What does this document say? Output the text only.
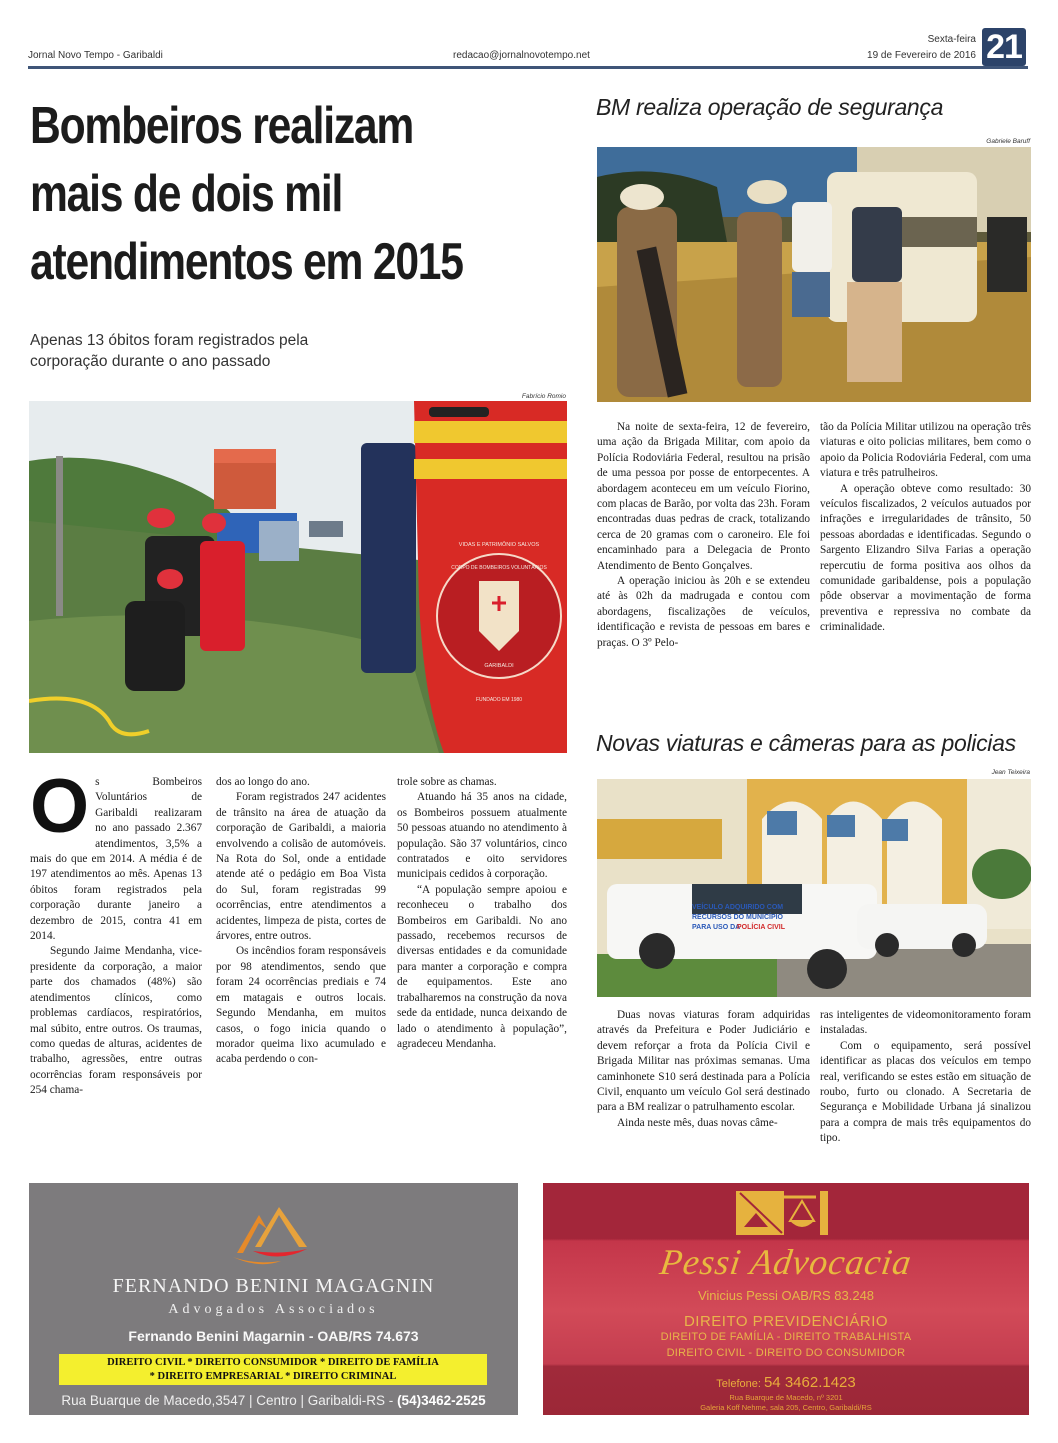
Jornal Novo Tempo - Garibaldi	redacao@jornalnovotempo.net
Sexta-feira
19 de Fevereiro de 2016 21
Bombeiros realizam
mais de dois mil
atendimentos em 2015
Apenas 13 óbitos foram registrados pela corporação durante o ano passado
Fabrício Romio
VIDAS E PATRIMÔNIO SALVOS
CORPO DE BOMBEIROS VOLUNTÁRIOS
GARIBALDI
FUNDADO EM 1980
O s Bombeiros Voluntários de Garibaldi realizaram no ano passado 2.367 atendimentos, 3,5% a mais do que em 2014. A média é de 197 atendimentos ao mês. Apenas 13 óbitos foram registrados pela corporação durante janeiro a dezembro de 2015, contra 41 em 2014.

Segundo Jaime Mendanha, vice-presidente da corporação, a maior parte dos chamados (48%) são atendimentos clínicos, como problemas cardíacos, respiratórios, mal súbito, entre outros. Os traumas, como quedas de alturas, acidentes de trabalho, agressões, entre outras ocorrências foram responsáveis por 254 chama-

dos ao longo do ano.

Foram registrados 247 acidentes de trânsito na área de atuação da corporação de Garibaldi, a maioria envolvendo a colisão de automóveis. Na Rota do Sol, onde a entidade atende até o pedágio em Boa Vista do Sul, foram registradas 99 ocorrências, entre atendimentos a acidentes, limpeza de pista, cortes de árvores, entre outros.

Os incêndios foram responsáveis por 98 atendimentos, sendo que foram 24 ocorrências prediais e 74 em matagais e outros locais. Segundo Mendanha, em muitos casos, o fogo inicia quando o morador queima lixo acumulado e acaba perdendo o con-

trole sobre as chamas.

Atuando há 35 anos na cidade, os Bombeiros possuem atualmente 50 pessoas atuando no atendimento à população. São 37 voluntários, cinco contratados e oito servidores municipais cedidos à corporação.

“A população sempre apoiou e reconheceu o trabalho dos Bombeiros em Garibaldi. No ano passado, recebemos recursos de diversas entidades e da comunidade para manter a corporação e compra de equipamentos. Este ano trabalharemos na construção da nova sede da entidade, nunca deixando de lado o atendimento à população”, agradeceu Mendanha.

BM realiza operação de segurança
Gabriele Baruff

Na noite de sexta-feira, 12 de fevereiro, uma ação da Brigada Militar, com apoio da Polícia Rodoviária Federal, resultou na prisão de uma pessoa por posse de entorpecentes. A abordagem aconteceu em um veículo Fiorino, com placas de Barão, por volta das 23h. Foram encontradas duas pedras de crack, totalizando cerca de 20 gramas com o caroneiro. Ele foi encaminhado para a Delegacia de Pronto Atendimento de Bento Gonçalves.

A operação iniciou às 20h e se extendeu até às 02h da madrugada e contou com abordagens, fiscalizações de veículos, identificação e revista de pessoas em bares e praças. O 3º Pelo-

tão da Polícia Militar utilizou na operação três viaturas e oito policias militares, bem como o apoio da Policia Rodoviária Federal, com uma viatura e três patrulheiros.

A operação obteve como resultado: 30 veículos fiscalizados, 2 veículos autuados por infrações e irregularidades de trânsito, 50 pessoas abordadas e identificadas. Segundo o Sargento Elizandro Silva Farias a operação repercutiu de forma positiva aos olhos da comunidade garibaldense, pois a população pôde observar a movimentação de forma preventiva e repressiva no combate da criminalidade.

Novas viaturas e câmeras para as policias
Jean Teixeira
VEÍCULO ADQUIRIDO COM
RECURSOS DO MUNICÍPIO
PARA USO DA
POLÍCIA CIVIL

Duas novas viaturas foram adquiridas através da Prefeitura e Poder Judiciário e devem reforçar a frota da Polícia Civil e Brigada Militar nas próximas semanas. Uma caminhonete S10 será destinada para a Polícia Civil, enquanto um veículo Gol será destinado para a BM realizar o patrulhamento escolar.

Ainda neste mês, duas novas câme-

ras inteligentes de videomonitoramento foram instaladas.

Com o equipamento, será possível identificar as placas dos veículos em tempo real, verificando se estes estão em situação de roubo, furto ou clonado. A Secretaria de Segurança e Mobilidade Urbana já sinalizou para a compra de mais três equipamentos do tipo.

FERNANDO BENINI MAGAGNIN
Advogados Associados
Fernando Benini Magarnin - OAB/RS 74.673
DIREITO CIVIL * DIREITO CONSUMIDOR * DIREITO DE FAMÍLIA
* DIREITO EMPRESARIAL * DIREITO CRIMINAL
Rua Buarque de Macedo,3547 | Centro | Garibaldi-RS - (54)3462-2525
Pessi Advocacia
Vinicius Pessi OAB/RS 83.248
DIREITO PREVIDENCIÁRIO
DIREITO DE FAMÍLIA - DIREITO TRABALHISTA
DIREITO CIVIL - DIREITO DO CONSUMIDOR
Telefone: 54 3462.1423
Rua Buarque de Macedo, nº 3201
Galeria Koff Nehme, sala 205, Centro, Garibaldi/RS
